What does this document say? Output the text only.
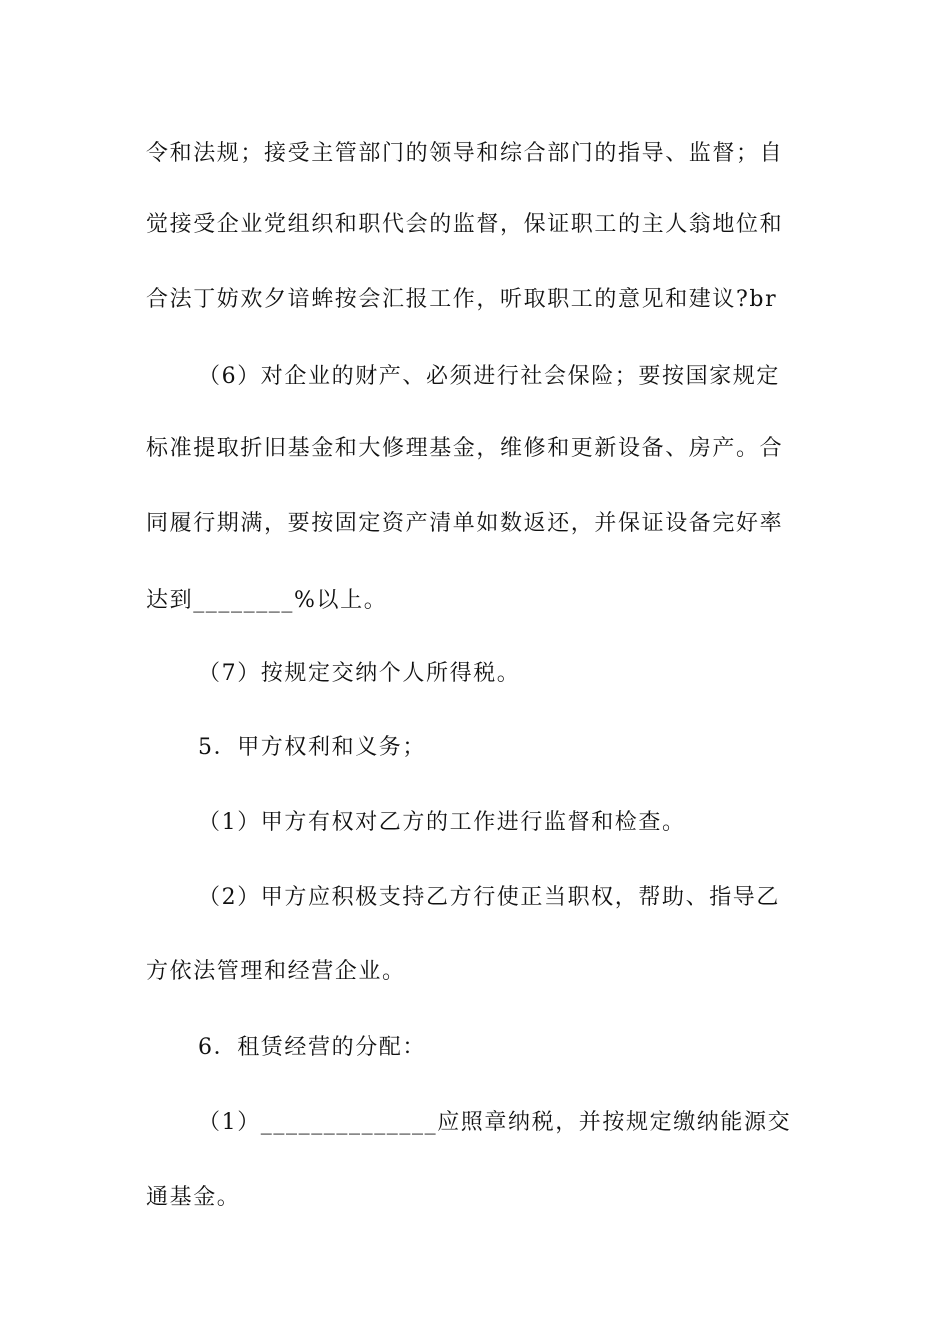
令和法规；接受主管部门的领导和综合部门的指导、监督；自
觉接受企业党组织和职代会的监督，保证职工的主人翁地位和
合法丁妨欢夕谙蛑按会汇报工作，听取职工的意见和建议?br
（6）对企业的财产、必须进行社会保险；要按国家规定
标准提取折旧基金和大修理基金，维修和更新设备、房产。合
同履行期满，要按固定资产清单如数返还，并保证设备完好率
达到________%以上。
（7）按规定交纳个人所得税。
5．甲方权利和义务；
（1）甲方有权对乙方的工作进行监督和检查。
（2）甲方应积极支持乙方行使正当职权，帮助、指导乙
方依法管理和经营企业。
6．租赁经营的分配：
（1）______________应照章纳税，并按规定缴纳能源交
通基金。
